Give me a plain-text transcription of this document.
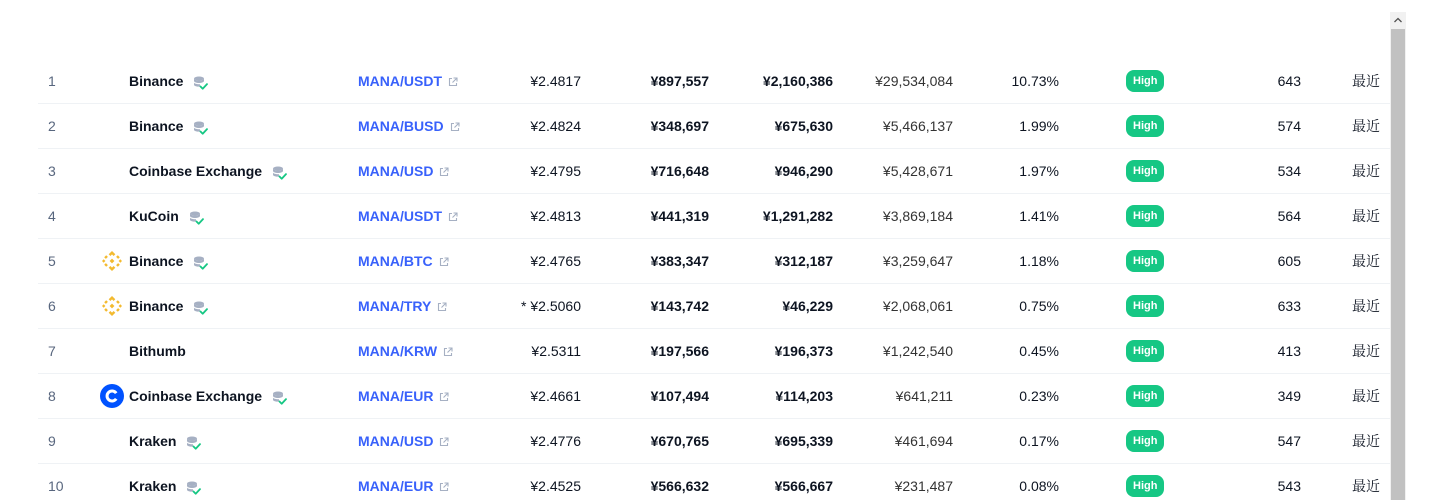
1	Binance	MANA/USDT	¥2.4817	¥897,557	¥2,160,386	¥29,534,084	10.73%	High	643	最近
2	Binance	MANA/BUSD	¥2.4824	¥348,697	¥675,630	¥5,466,137	1.99%	High	574	最近
3	Coinbase Exchange	MANA/USD	¥2.4795	¥716,648	¥946,290	¥5,428,671	1.97%	High	534	最近
4	KuCoin	MANA/USDT	¥2.4813	¥441,319	¥1,291,282	¥3,869,184	1.41%	High	564	最近
5	Binance	MANA/BTC	¥2.4765	¥383,347	¥312,187	¥3,259,647	1.18%	High	605	最近
6	Binance	MANA/TRY	* ¥2.5060	¥143,742	¥46,229	¥2,068,061	0.75%	High	633	最近
7	Bithumb	MANA/KRW	¥2.5311	¥197,566	¥196,373	¥1,242,540	0.45%	High	413	最近
8	Coinbase Exchange	MANA/EUR	¥2.4661	¥107,494	¥114,203	¥641,211	0.23%	High	349	最近
9	Kraken	MANA/USD	¥2.4776	¥670,765	¥695,339	¥461,694	0.17%	High	547	最近
10	Kraken	MANA/EUR	¥2.4525	¥566,632	¥566,667	¥231,487	0.08%	High	543	最近
